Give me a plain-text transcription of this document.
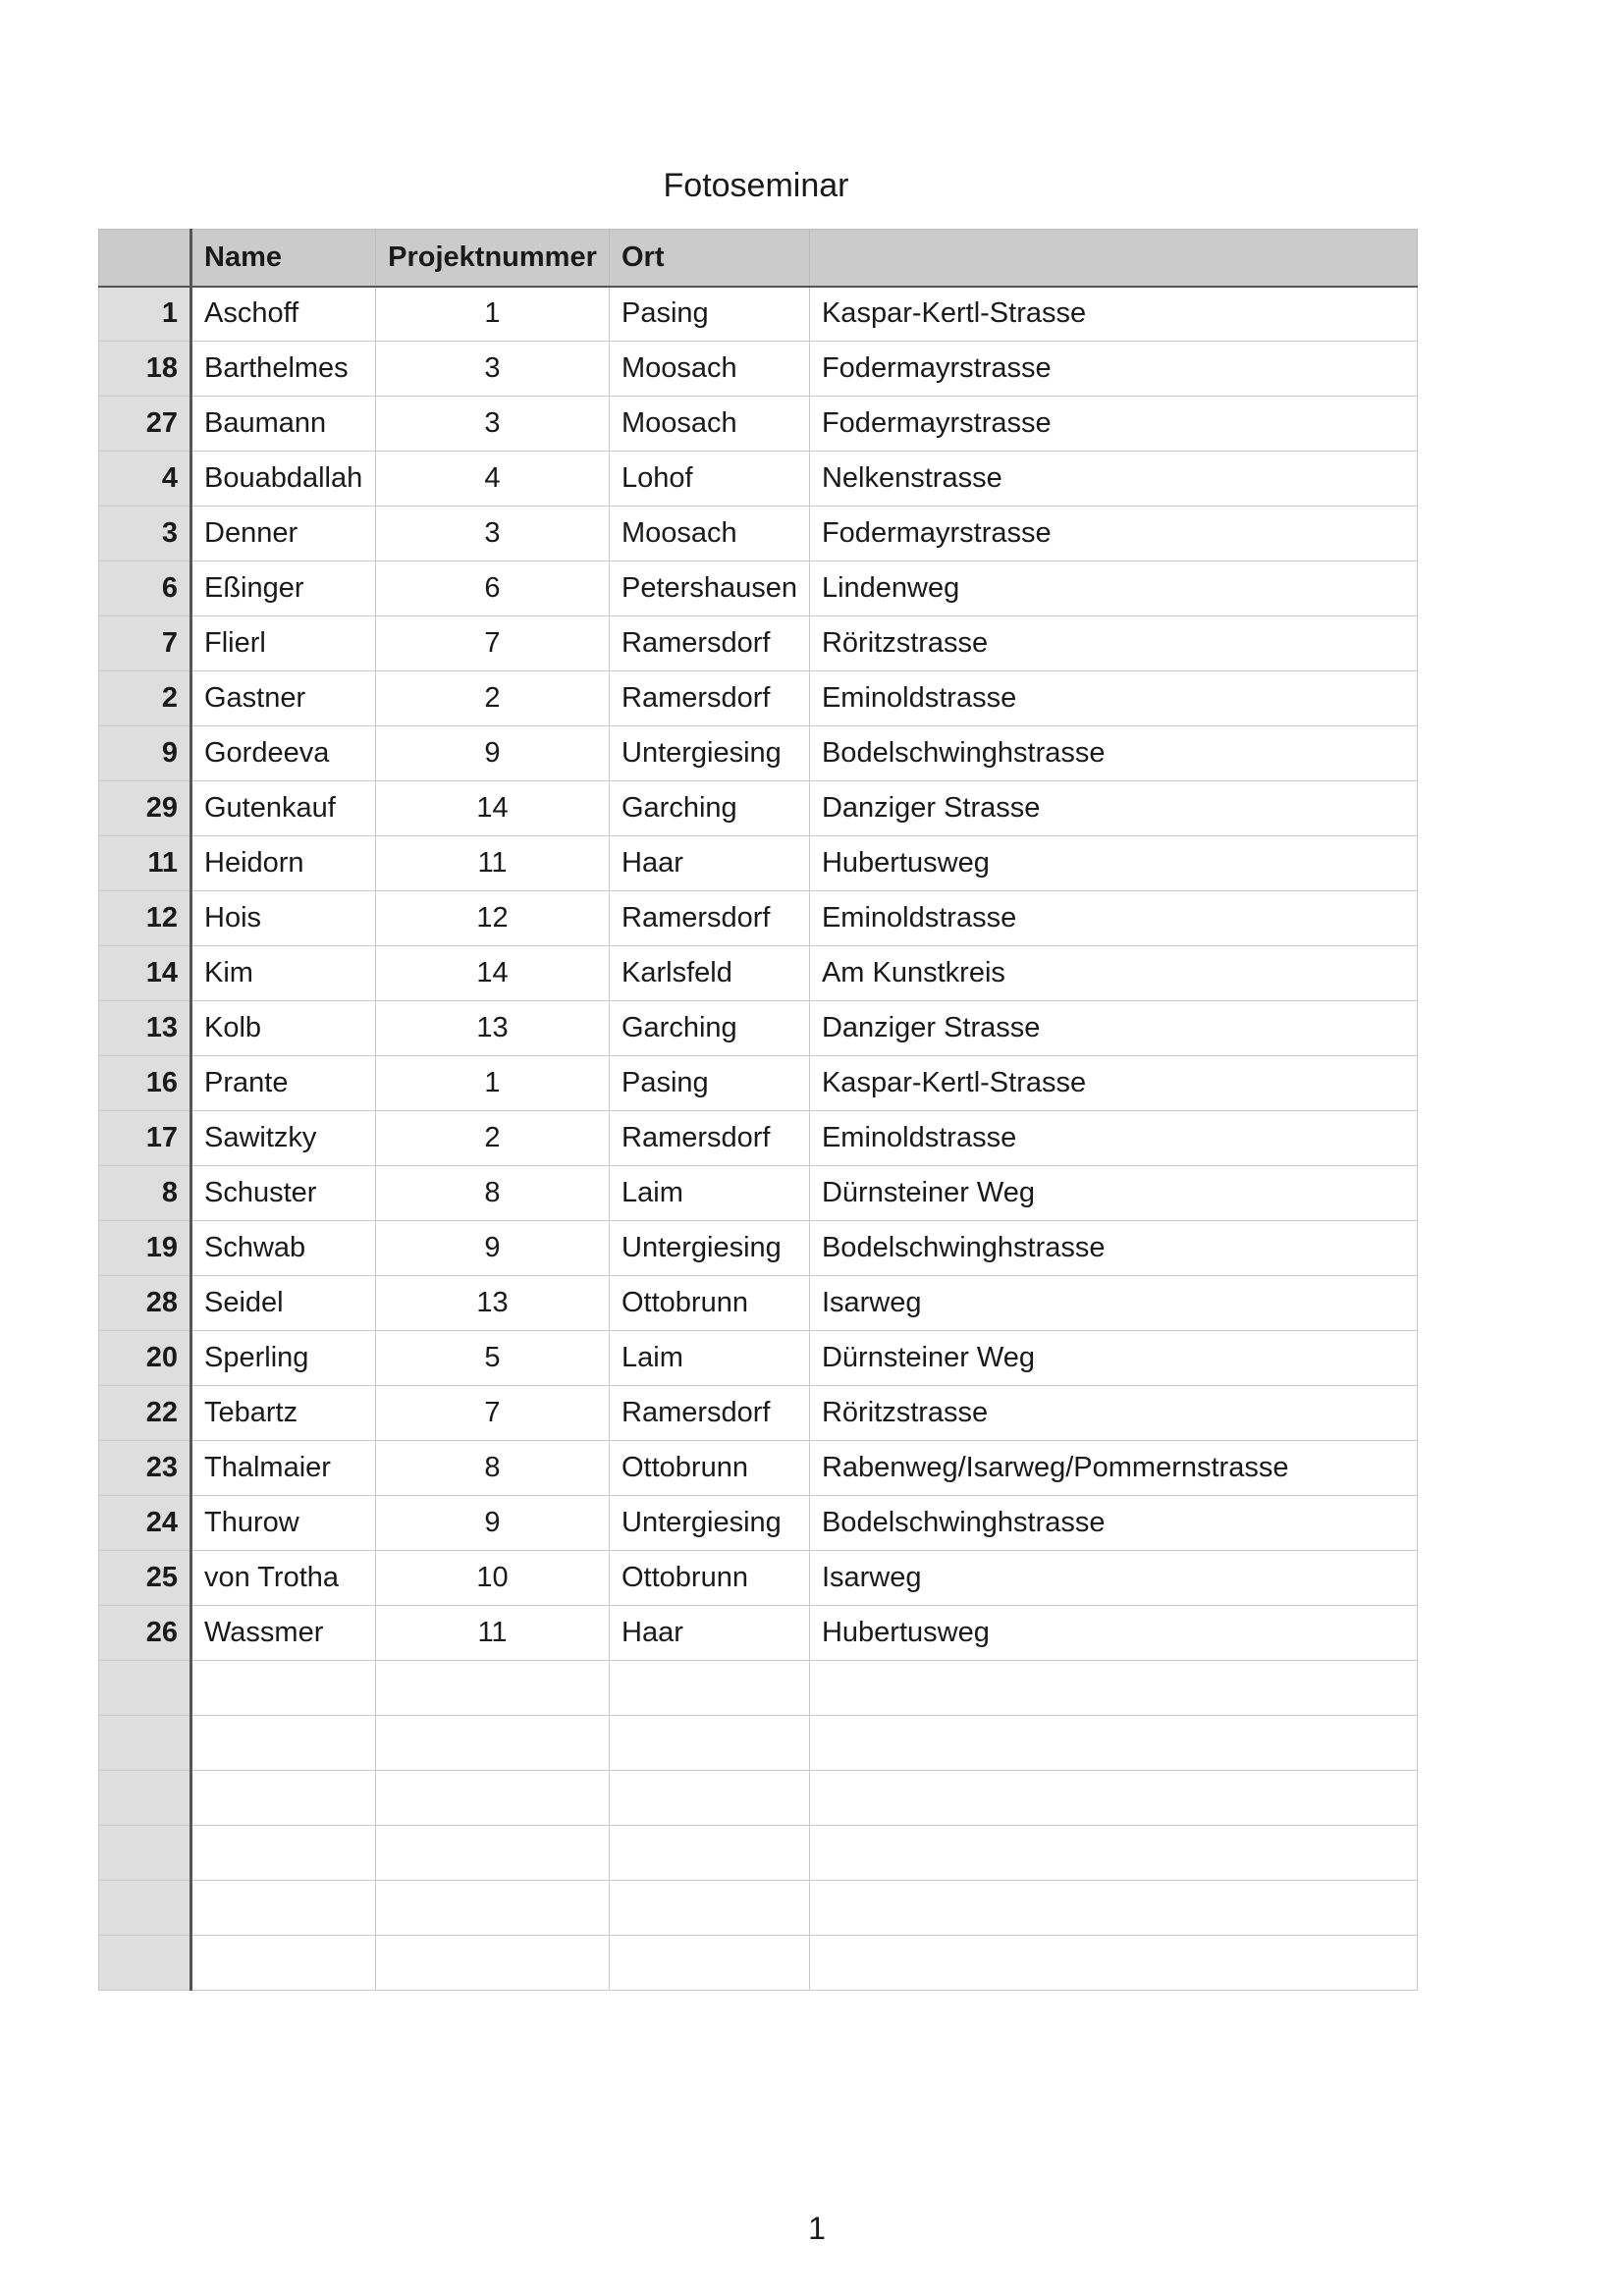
Fotoseminar
	Name	Projektnummer	Ort	
1	Aschoff	1	Pasing	Kaspar-Kertl-Strasse
18	Barthelmes	3	Moosach	Fodermayrstrasse
27	Baumann	3	Moosach	Fodermayrstrasse
4	Bouabdallah	4	Lohof	Nelkenstrasse
3	Denner	3	Moosach	Fodermayrstrasse
6	Eßinger	6	Petershausen	Lindenweg
7	Flierl	7	Ramersdorf	Röritzstrasse
2	Gastner	2	Ramersdorf	Eminoldstrasse
9	Gordeeva	9	Untergiesing	Bodelschwinghstrasse
29	Gutenkauf	14	Garching	Danziger Strasse
11	Heidorn	11	Haar	Hubertusweg
12	Hois	12	Ramersdorf	Eminoldstrasse
14	Kim	14	Karlsfeld	Am Kunstkreis
13	Kolb	13	Garching	Danziger Strasse
16	Prante	1	Pasing	Kaspar-Kertl-Strasse
17	Sawitzky	2	Ramersdorf	Eminoldstrasse
8	Schuster	8	Laim	Dürnsteiner Weg
19	Schwab	9	Untergiesing	Bodelschwinghstrasse
28	Seidel	13	Ottobrunn	Isarweg
20	Sperling	5	Laim	Dürnsteiner Weg
22	Tebartz	7	Ramersdorf	Röritzstrasse
23	Thalmaier	8	Ottobrunn	Rabenweg/Isarweg/Pommernstrasse
24	Thurow	9	Untergiesing	Bodelschwinghstrasse
25	von Trotha	10	Ottobrunn	Isarweg
26	Wassmer	11	Haar	Hubertusweg

1
